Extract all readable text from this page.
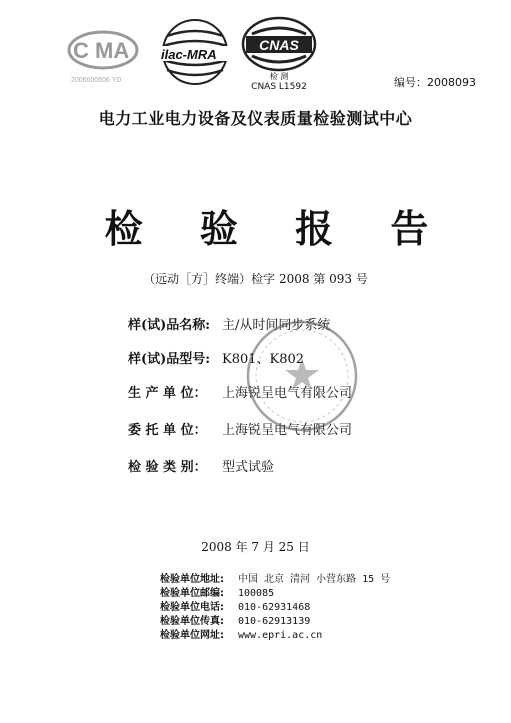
C MA
2006000506 YD
ilac-MRA
CNAS
检 测
CNAS L1592	编号：2008093
电力工业电力设备及仪表质量检验测试中心
检 验 报 告
（远动［方］终端）检字 2008 第 093 号
样(试)品名称: 主/从时间同步系统
样(试)品型号: K801、K802
生 产 单 位： 上海锐呈电气有限公司
委 托 单 位： 上海锐呈电气有限公司
检 验 类 别： 型式试验
2008 年 7 月 25 日
检验单位地址: 中国 北京 清河 小营东路 15 号
检验单位邮编: 100085
检验单位电话: 010-62931468
检验单位传真: 010-62913139
检验单位网址: www.epri.ac.cn
